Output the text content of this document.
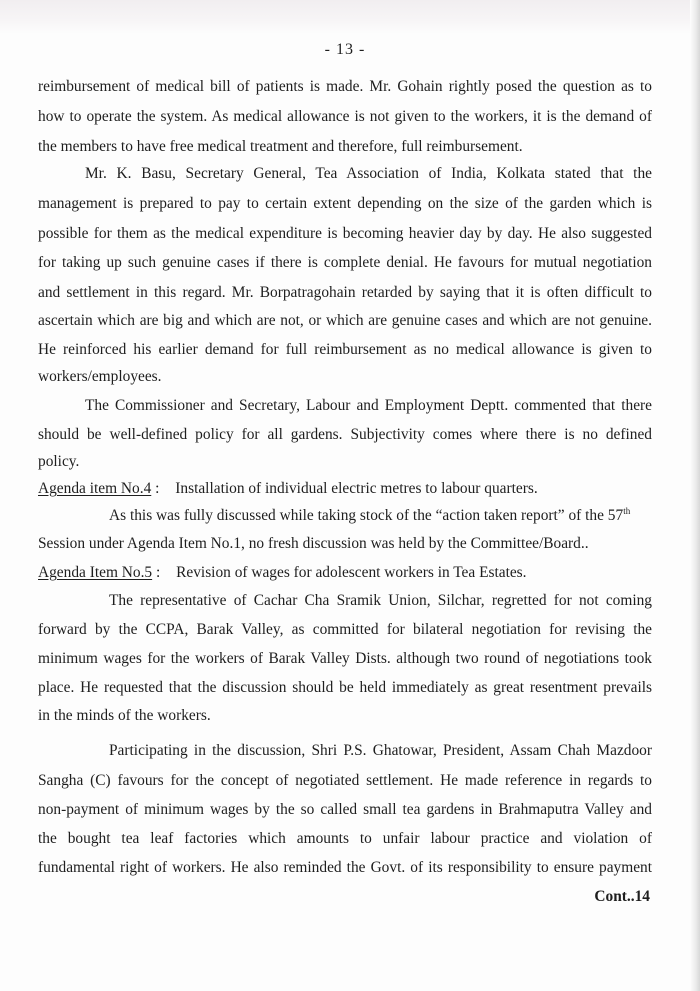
- 13 -
reimbursement of medical bill of patients is made. Mr. Gohain rightly posed the question as to
how to operate the system. As medical allowance is not given to the workers, it is the demand of
the members to have free medical treatment and therefore, full reimbursement.
Mr. K. Basu, Secretary General, Tea Association of India, Kolkata stated that the
management is prepared to pay to certain extent depending on the size of the garden which is
possible for them as the medical expenditure is becoming heavier day by day. He also suggested
for taking up such genuine cases if there is complete denial. He favours for mutual negotiation
and settlement in this regard. Mr. Borpatragohain retarded by saying that it is often difficult to
ascertain which are big and which are not, or which are genuine cases and which are not genuine.
He reinforced his earlier demand for full reimbursement as no medical allowance is given to
workers/employees.
The Commissioner and Secretary, Labour and Employment Deptt. commented that there
should be well-defined policy for all gardens. Subjectivity comes where there is no defined
policy.
Agenda item No.4 : Installation of individual electric metres to labour quarters.
As this was fully discussed while taking stock of the “action taken report” of the 57th
Session under Agenda Item No.1, no fresh discussion was held by the Committee/Board..
Agenda Item No.5 : Revision of wages for adolescent workers in Tea Estates.
The representative of Cachar Cha Sramik Union, Silchar, regretted for not coming
forward by the CCPA, Barak Valley, as committed for bilateral negotiation for revising the
minimum wages for the workers of Barak Valley Dists. although two round of negotiations took
place. He requested that the discussion should be held immediately as great resentment prevails
in the minds of the workers.
Participating in the discussion, Shri P.S. Ghatowar, President, Assam Chah Mazdoor
Sangha (C) favours for the concept of negotiated settlement. He made reference in regards to
non-payment of minimum wages by the so called small tea gardens in Brahmaputra Valley and
the bought tea leaf factories which amounts to unfair labour practice and violation of
fundamental right of workers. He also reminded the Govt. of its responsibility to ensure payment
Cont..14
